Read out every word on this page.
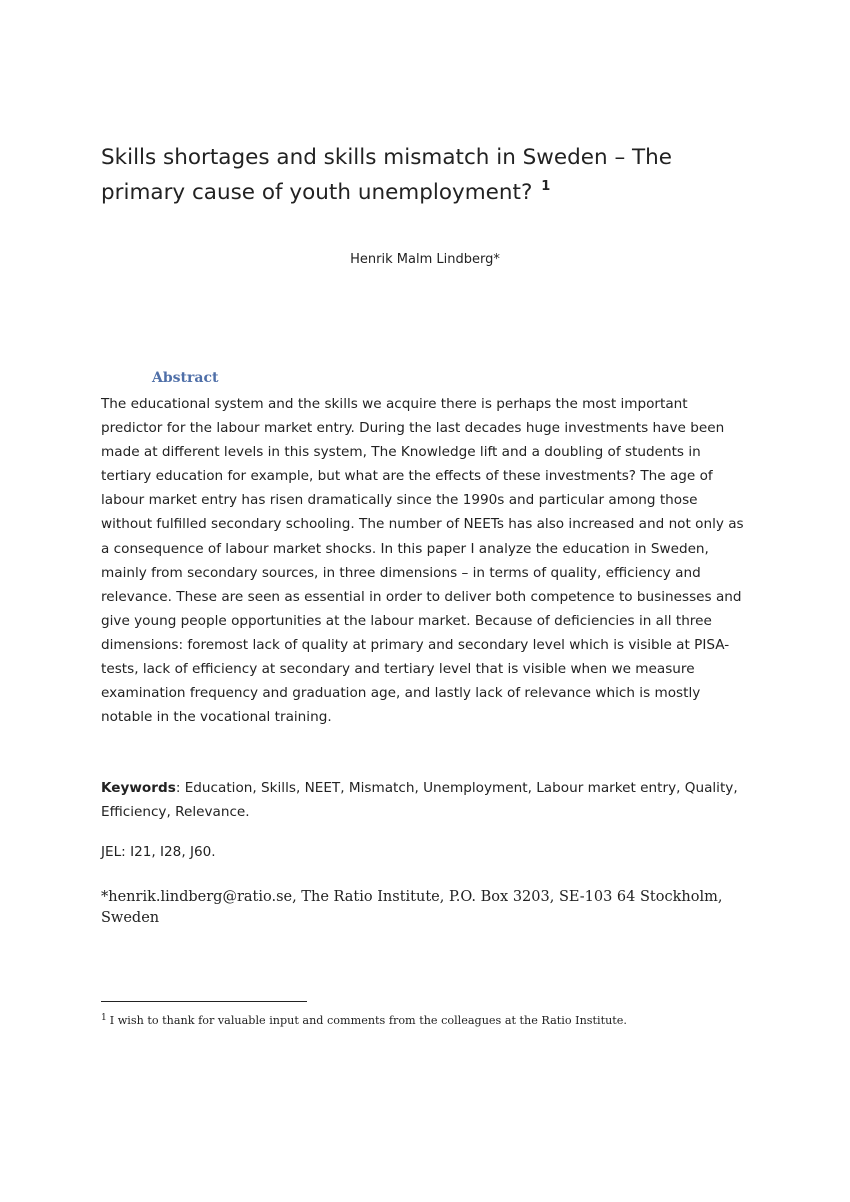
Skills shortages and skills mismatch in Sweden – The primary cause of youth unemployment? $^1$
Henrik Malm Lindberg*
Abstract

The educational system and the skills we acquire there is perhaps the most important predictor for the labour market entry. During the last decades huge investments have been made at different levels in this system, The Knowledge lift and a doubling of students in tertiary education for example, but what are the effects of these investments? The age of labour market entry has risen dramatically since the 1990s and particular among those without fulfilled secondary schooling. The number of NEETs has also increased and not only as a consequence of labour market shocks. In this paper I analyze the education in Sweden, mainly from secondary sources, in three dimensions – in terms of quality, efficiency and relevance. These are seen as essential in order to deliver both competence to businesses and give young people opportunities at the labour market. Because of deficiencies in all three dimensions: foremost lack of quality at primary and secondary level which is visible at PISA-tests, lack of efficiency at secondary and tertiary level that is visible when we measure examination frequency and graduation age, and lastly lack of relevance which is mostly notable in the vocational training.

Keywords: Education, Skills, NEET, Mismatch, Unemployment, Labour market entry, Quality, Efficiency, Relevance.

JEL: I21, I28, J60.

*henrik.lindberg@ratio.se, The Ratio Institute, P.O. Box 3203, SE-103 64 Stockholm,
Sweden

$^1$ I wish to thank for valuable input and comments from the colleagues at the Ratio Institute.
